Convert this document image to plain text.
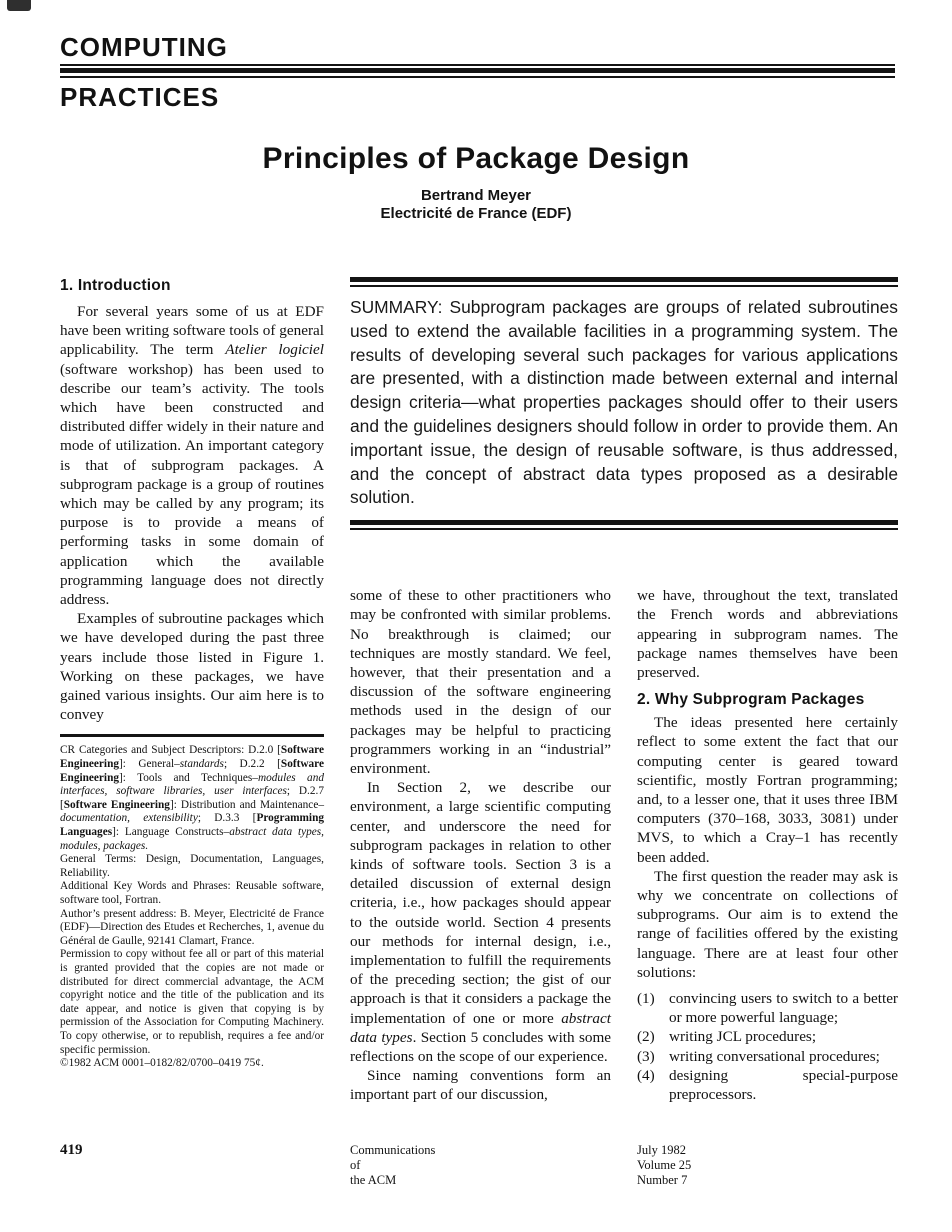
COMPUTING
PRACTICES
Principles of Package Design
Bertrand Meyer
Electricité de France (EDF)
1. Introduction

For several years some of us at EDF have been writing software tools of general applicability. The term Atelier logiciel (software workshop) has been used to describe our team’s activity. The tools which have been constructed and distributed differ widely in their nature and mode of utilization. An important category is that of subprogram packages. A subprogram package is a group of routines which may be called by any program; its purpose is to provide a means of performing tasks in some domain of application which the available programming language does not directly address.

Examples of subroutine packages which we have developed during the past three years include those listed in Figure 1. Working on these packages, we have gained various insights. Our aim here is to convey

CR Categories and Subject Descriptors: D.2.0 [Software Engineering]: General–standards; D.2.2 [Software Engineering]: Tools and Techniques–modules and interfaces, software libraries, user interfaces; D.2.7 [Software Engineering]: Distribution and Maintenance–documentation, extensibility; D.3.3 [Programming Languages]: Language Constructs–abstract data types, modules, packages.

General Terms: Design, Documentation, Languages, Reliability.

Additional Key Words and Phrases: Reusable software, software tool, Fortran.

Author’s present address: B. Meyer, Electricité de France (EDF)—Direction des Etudes et Recherches, 1, avenue du Général de Gaulle, 92141 Clamart, France.

Permission to copy without fee all or part of this material is granted provided that the copies are not made or distributed for direct commercial advantage, the ACM copyright notice and the title of the publication and its date appear, and notice is given that copying is by permission of the Association for Computing Machinery. To copy otherwise, or to republish, requires a fee and/or specific permission.

©1982 ACM 0001–0182/82/0700–0419 75¢.

SUMMARY: Subprogram packages are groups of related subroutines used to extend the available facilities in a programming system. The results of developing several such packages for various applications are presented, with a distinction made between external and internal design criteria—what properties packages should offer to their users and the guidelines designers should follow in order to provide them. An important issue, the design of reusable software, is thus addressed, and the concept of abstract data types proposed as a desirable solution.

some of these to other practitioners who may be confronted with similar problems. No breakthrough is claimed; our techniques are mostly standard. We feel, however, that their presentation and a discussion of the software engineering methods used in the design of our packages may be helpful to practicing programmers working in an “industrial” environment.

In Section 2, we describe our environment, a large scientific computing center, and underscore the need for subprogram packages in relation to other kinds of software tools. Section 3 is a detailed discussion of external design criteria, i.e., how packages should appear to the outside world. Section 4 presents our methods for internal design, i.e., implementation to fulfill the requirements of the preceding section; the gist of our approach is that it considers a package the implementation of one or more abstract data types. Section 5 concludes with some reflections on the scope of our experience.

Since naming conventions form an important part of our discussion,

we have, throughout the text, translated the French words and abbreviations appearing in subprogram names. The package names themselves have been preserved.

2. Why Subprogram Packages

The ideas presented here certainly reflect to some extent the fact that our computing center is geared toward scientific, mostly Fortran programming; and, to a lesser one, that it uses three IBM computers (370–168, 3033, 3081) under MVS, to which a Cray–1 has recently been added.

The first question the reader may ask is why we concentrate on collections of subprograms. Our aim is to extend the range of facilities offered by the existing language. There are at least four other solutions:

(1) convincing users to switch to a better or more powerful language;
(2) writing JCL procedures;
(3) writing conversational procedures;
(4) designing special-purpose preprocessors.
419	Communications
of
the ACM
July 1982
Volume 25
Number 7
